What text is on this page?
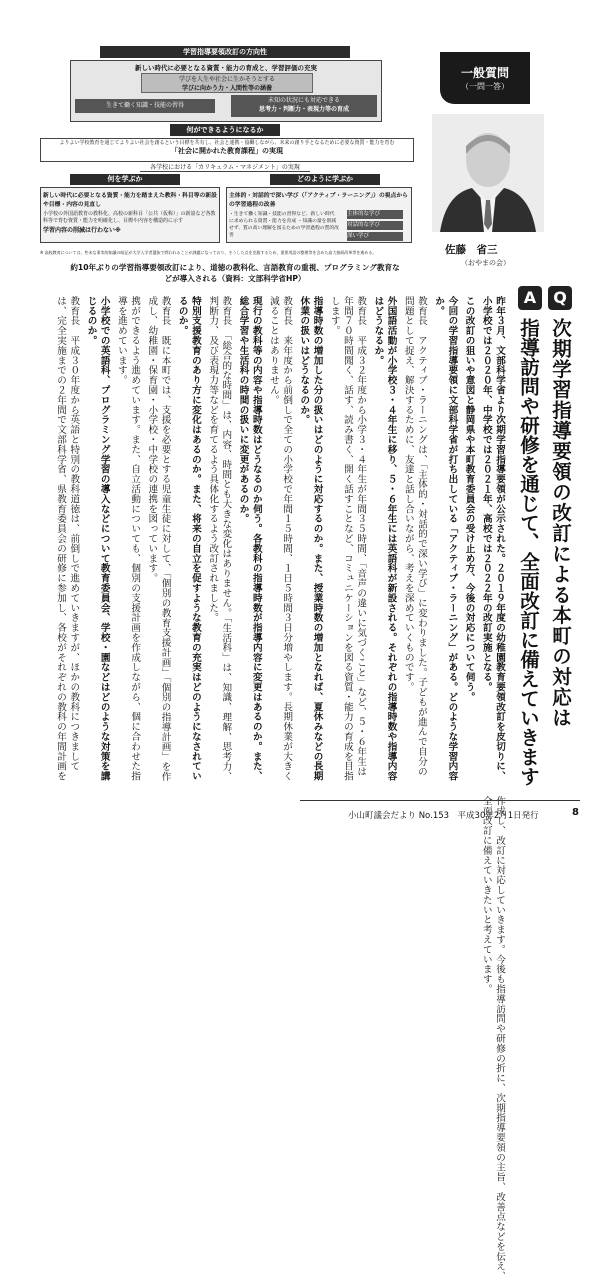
学習指導要領改訂の方向性
新しい時代に必要となる資質・能力の育成と、学習評価の充実
学びを人生や社会に生かそうとする
学びに向かう力・人間性等の涵養
生きて働く知識・技能の習得
未知の状況にも対応できる
思考力・判断力・表現力等の育成
何ができるようになるか
よりよい学校教育を通じてよりよい社会を創るという目標を共有し、社会と連携・協働しながら、未来の創り手となるために必要な資質・能力を育む
「社会に開かれた教育課程」の実現
各学校における「カリキュラム・マネジメント」の実現
何を学ぶか	どのように学ぶか
新しい時代に必要となる資質・能力を踏まえた教科・科目等の新設や目標・内容の見直し
小学校の外国語教育の教科化、高校の新科目「公共（仮称）」の新設など各教科等で育む資質・能力を明確化し、目標や内容を構造的に示す
学習内容の削減は行わない※
主体的・対話的で深い学び（「アクティブ・ラーニング」）の視点からの学習過程の改善
・生きて働く知識・技能の習得など、新しい時代に求められる資質・能力を育成 ・知識の量を削減せず、質の高い理解を図るための学習過程の質的改善
主体的な学び
対話的な学び
深い学び
※ 高校教育については、些末な事実的知識の暗記が大学入学者選抜で問われることが課題になっており、そうした点を克服するため、重要用語の整理等を含めた高大接続改革等を進める。
約10年ぶりの学習指導要領改訂により、道徳の教科化、言語教育の重視、プログラミング教育などが導入される（資料：文部科学省HP）
一般質問
（一問一答）
佐藤　省三
（おやまの会）
Q
A
次期学習指導要領の改訂による本町の対応は
指導訪問や研修を通じて、全面改訂に備えていきます

昨年３月、文部科学省より次期学習指導要領が公示された。２０１９年度の幼稚園教育要領改訂を皮切りに、小学校では２０２０年、中学校では２０２１年、高校では２０２２年の改訂実施となる。

この改訂の狙いや意図と静岡県や本町教育委員会の受け止め方、今後の対応について伺う。

今回の学習指導要領に文部科学省が打ち出している「アクティブ・ラーニング」がある。どのような学習内容か。

教育長　アクティブ・ラーニングは、「主体的・対話的で深い学び」に変わりました。子どもが進んで自分の問題として捉え、解決するために、友達と話し合いながら、考えを深めていくものです。

外国語活動が小学校３・４年生に移り、５・６年生には英語科が新設される。それぞれの指導時数や指導内容はどうなるか。

教育長　平成３２年度から小学３・４年生が年間３５時間、「音声の違いに気づくこと」など、５・６年生は年間７０時間聞く、話す、読み書く、開く話すことなど、コミュニケーションを図る資質・能力の育成を目指します。

指導時数の増加した分の扱いはどのように対応するのか。また、授業時数の増加となれば、夏休みなどの長期休業の扱いはどうなるのか。

教育長　来年度から前倒しで全ての小学校で年間１５時間、１日５時間３日分増やします。長期休業が大きく減ることはありません。

現行の教科等の内容や指導時数はどうなるのか伺う。各教科の指導時数が指導内容に変更はあるのか。また、総合学習や生活科の時間の扱いに変更があるのか。

教育長　「総合的な時間」は、内容、時間とも大きな変化はありません。「生活科」は、知識、理解、思考力、判断力、及び表現力等などを育てるよう具体化するよう改訂されました。

特別支援教育のあり方に変化はあるのか。また、将来の自立を促すような教育の充実はどのようになされているのか。

教育長　既に本町では、支援を必要とする児童生徒に対して、「個別の教育支援計画」「個別の指導計画」を作成し、幼稚園・保育園・小学校・中学校の連携を図っています。

携ができるよう進めています。また、自立活動についても、個別の支援計画を作成しながら、個に合わせた指導を進めています。

小学校での英語科、プログラミング学習の導入などについて教育委員会、学校・園などはどのような対策を講じるのか。

教育長　平成３０年度から英語と特別の教科道徳は、前倒しで進めていきますが、ほかの教科につきましては、完全実施までの２年間で文部科学省、県教育委員会の研修に参加し、各校がそれぞれの教科の年間計画を作成し、改訂に対応していきます。今後も指導訪問や研修の折に、次期指導要領の主旨、改善点などを伝え、全面改訂に備えていきたいと考えています。

小山町議会だより No.153　平成30年2月1日発行	8
